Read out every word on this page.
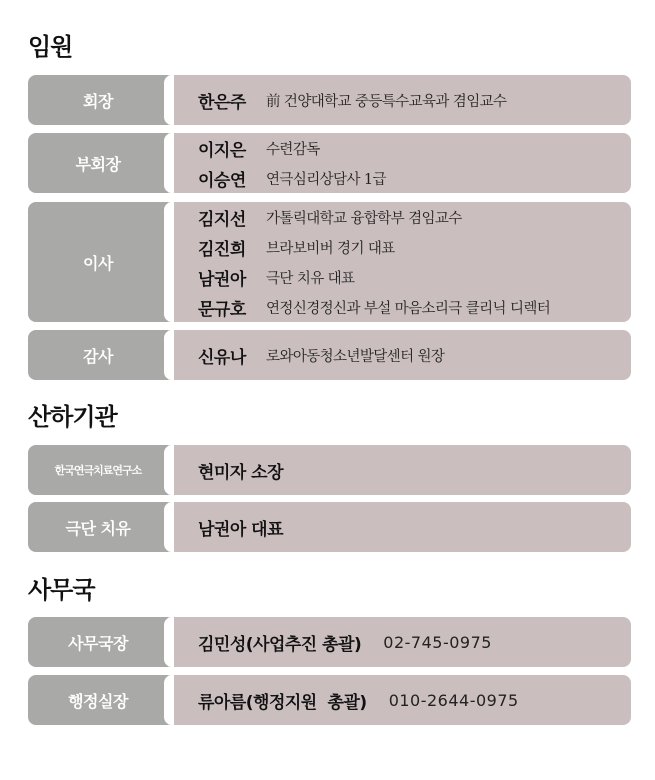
임원
회장	한은주	前 건양대학교 중등특수교육과 겸임교수
부회장
이지은	수련감독
이승연	연극심리상담사 1급
이사
김지선	가톨릭대학교 융합학부 겸임교수
김진희	브라보비버 경기 대표
남권아	극단 치유 대표
문규호	연정신경정신과 부설 마음소리극 클리닉 디렉터
감사	신유나	로와아동청소년발달센터 원장
산하기관
한국연극치료연구소	현미자 소장
극단 치유	남권아 대표
사무국
사무국장	김민성(사업추진 총괄) 02-745-0975
행정실장	류아름(행정지원  총괄) 010-2644-0975
